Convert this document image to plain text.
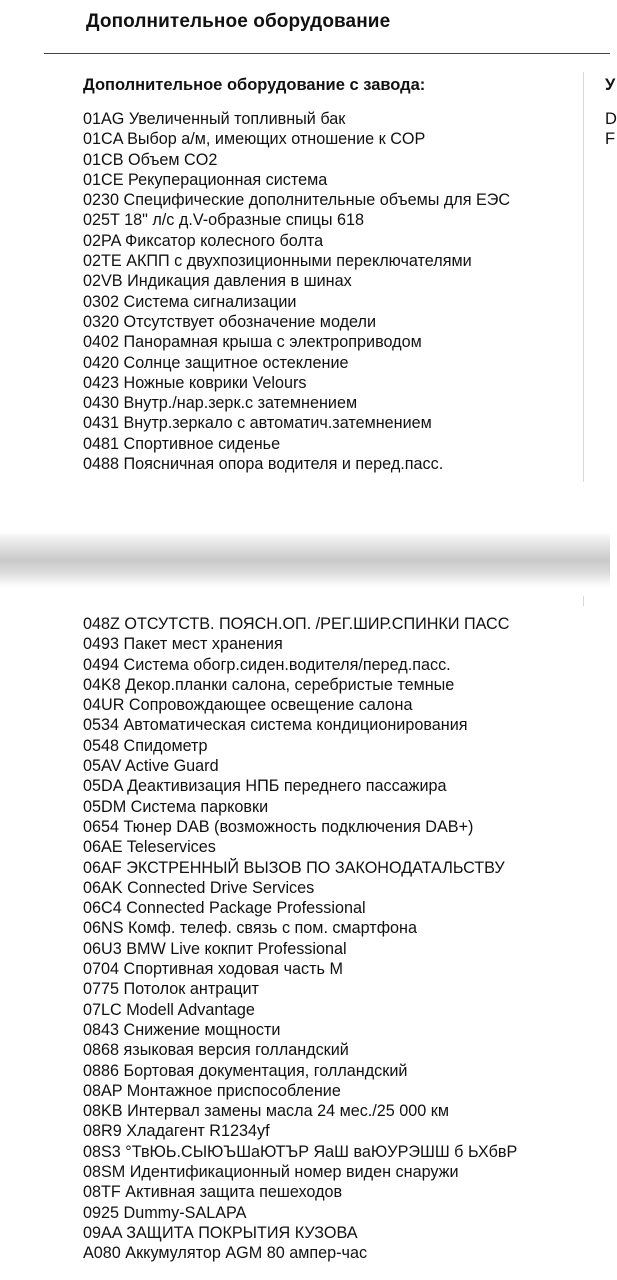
Дополнительное оборудование
Дополнительное оборудование с завода:	У
D
F
01AG Увеличенный топливный бак
01CA Выбор а/м, имеющих отношение к COP
01CB Объем CO2
01CE Рекуперационная система
0230 Специфические дополнительные объемы для ЕЭС
025T 18" л/с д.V-образные спицы 618
02PA Фиксатор колесного болта
02TE АКПП с двухпозиционными переключателями
02VB Индикация давления в шинах
0302 Система сигнализации
0320 Отсутствует обозначение модели
0402 Панорамная крыша с электроприводом
0420 Солнце защитное остекление
0423 Ножные коврики Velours
0430 Внутр./нар.зерк.с затемнением
0431 Внутр.зеркало с автоматич.затемнением
0481 Спортивное сиденье
0488 Поясничная опора водителя и перед.пасс.
048Z ОТСУТСТВ. ПОЯСН.ОП. /РЕГ.ШИР.СПИНКИ ПАСС
0493 Пакет мест хранения
0494 Система обогр.сиден.водителя/перед.пасс.
04K8 Декор.планки салона, серебристые темные
04UR Сопровождающее освещение салона
0534 Автоматическая система кондиционирования
0548 Спидометр
05AV Active Guard
05DA Деактивизация НПБ переднего пассажира
05DM Система парковки
0654 Тюнер DAB (возможность подключения DAB+)
06AE Teleservices
06AF ЭКСТРЕННЫЙ ВЫЗОВ ПО ЗАКОНОДАТАЛЬСТВУ
06AK Connected Drive Services
06C4 Connected Package Professional
06NS Комф. телеф. связь с пом. смартфона
06U3 BMW Live кокпит Professional
0704 Спортивная ходовая часть M
0775 Потолок антрацит
07LC Modell Advantage
0843 Снижение мощности
0868 языковая версия голландский
0886 Бортовая документация, голландский
08AP Монтажное приспособление
08KB Интервал замены масла 24 мес./25 000 км
08R9 Хладагент R1234yf
08S3 °ТвЮЬ.СЫЮЪШаЮТЪР ЯаШ ваЮУРЭШШ б ЬХбвР
08SM Идентификационный номер виден снаружи
08TF Активная защита пешеходов
0925 Dummy-SALAPA
09AA ЗАЩИТА ПОКРЫТИЯ КУЗОВА
A080 Аккумулятор AGM 80 ампер-час
